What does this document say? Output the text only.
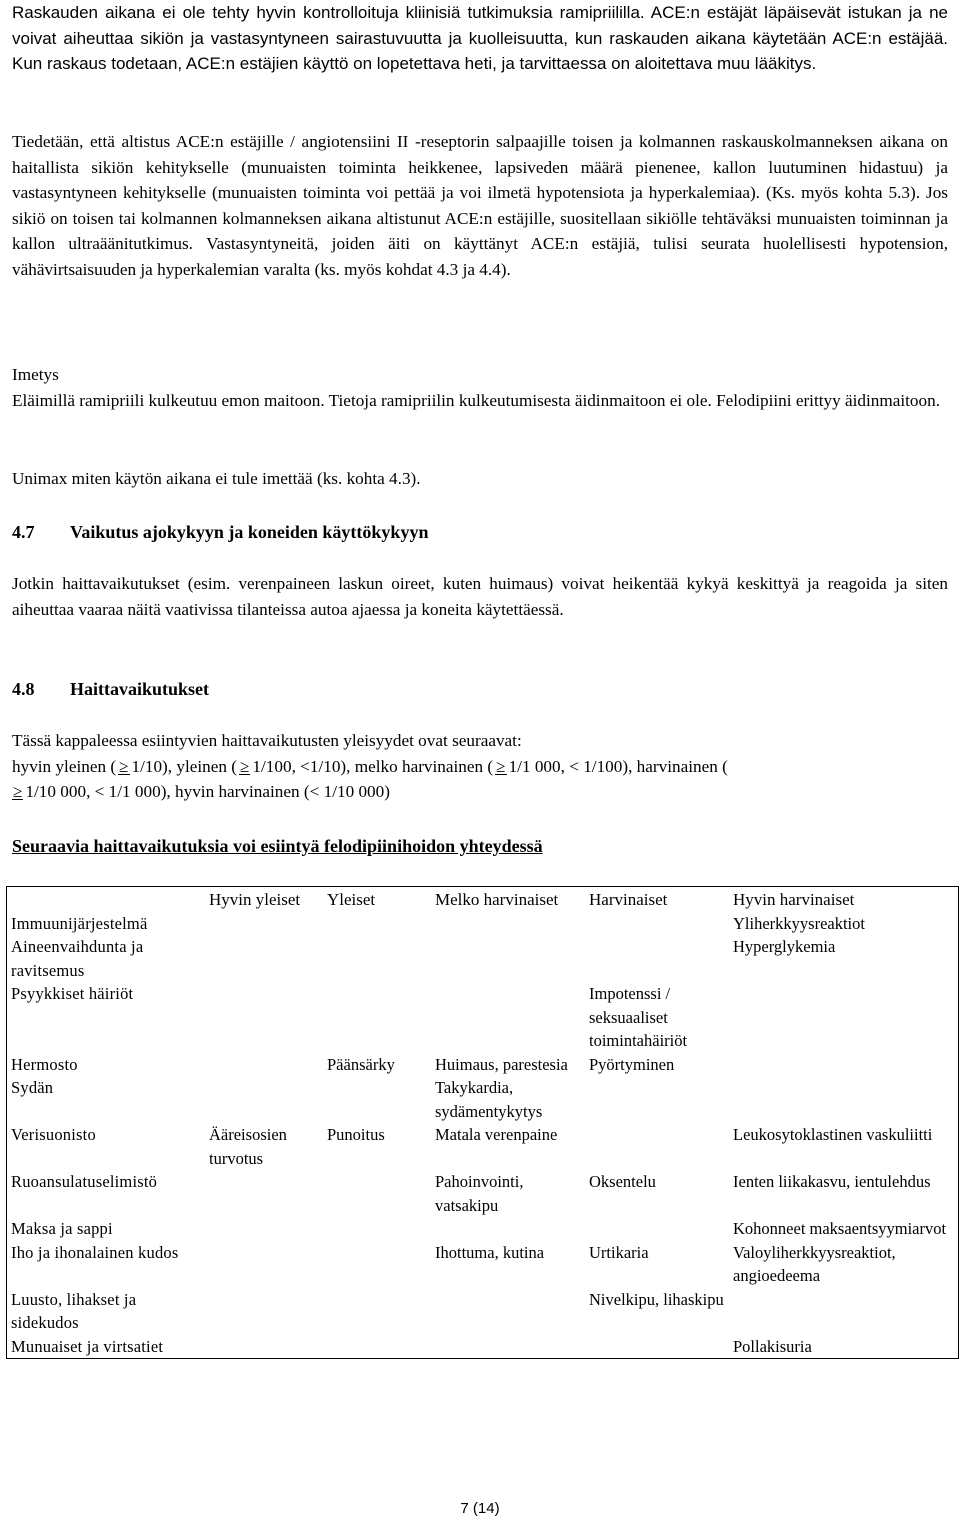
Raskauden aikana ei ole tehty hyvin kontrolloituja kliinisiä tutkimuksia ramipriililla. ACE:n estäjät läpäisevät istukan ja ne voivat aiheuttaa sikiön ja vastasyntyneen sairastuvuutta ja kuolleisuutta, kun raskauden aikana käytetään ACE:n estäjää. Kun raskaus todetaan, ACE:n estäjien käyttö on lopetettava heti, ja tarvittaessa on aloitettava muu lääkitys.

Tiedetään, että altistus ACE:n estäjille / angiotensiini II -reseptorin salpaajille toisen ja kolmannen raskauskolmanneksen aikana on haitallista sikiön kehitykselle (munuaisten toiminta heikkenee, lapsiveden määrä pienenee, kallon luutuminen hidastuu) ja vastasyntyneen kehitykselle (munuaisten toiminta voi pettää ja voi ilmetä hypotensiota ja hyperkalemiaa). (Ks. myös kohta 5.3). Jos sikiö on toisen tai kolmannen kolmanneksen aikana altistunut ACE:n estäjille, suositellaan sikiölle tehtäväksi munuaisten toiminnan ja kallon ultraäänitutkimus. Vastasyntyneitä, joiden äiti on käyttänyt ACE:n estäjiä, tulisi seurata huolellisesti hypotension, vähävirtsaisuuden ja hyperkalemian varalta (ks. myös kohdat 4.3 ja 4.4).

Imetys

Eläimillä ramipriili kulkeutuu emon maitoon. Tietoja ramipriilin kulkeutumisesta äidinmaitoon ei ole. Felodipiini erittyy äidinmaitoon.

Unimax miten käytön aikana ei tule imettää (ks. kohta 4.3).

4.7 Vaikutus ajokykyyn ja koneiden käyttökykyyn

Jotkin haittavaikutukset (esim. verenpaineen laskun oireet, kuten huimaus) voivat heikentää kykyä keskittyä ja reagoida ja siten aiheuttaa vaaraa näitä vaativissa tilanteissa autoa ajaessa ja koneita käytettäessä.

4.8 Haittavaikutukset

Tässä kappaleessa esiintyvien haittavaikutusten yleisyydet ovat seuraavat:

hyvin yleinen ( ≥ 1/10), yleinen ( ≥ 1/100, <1/10), melko harvinainen ( ≥ 1/1 000, < 1/100), harvinainen (
≥ 1/10 000, < 1/1 000), hyvin harvinainen (< 1/10 000)

Seuraavia haittavaikutuksia voi esiintyä felodipiinihoidon yhteydessä

	Hyvin yleiset	Yleiset	Melko harvinaiset	Harvinaiset	Hyvin harvinaiset
Immuunijärjestelmä					Yliherkkyysreaktiot
Aineenvaihdunta ja ravitsemus					Hyperglykemia
Psyykkiset häiriöt				Impotenssi / seksuaaliset toimintahäiriöt	
Hermosto		Päänsärky	Huimaus, parestesia	Pyörtyminen	
Sydän			Takykardia, sydämentykytys		
Verisuonisto	Ääreisosien turvotus	Punoitus	Matala verenpaine		Leukosytoklastinen vaskuliitti
Ruoansulatuselimistö			Pahoinvointi, vatsakipu	Oksentelu	Ienten liikakasvu, ientulehdus
Maksa ja sappi					Kohonneet maksaentsyymiarvot
Iho ja ihonalainen kudos			Ihottuma, kutina	Urtikaria	Valoyliherkkyysreaktiot, angioedeema
Luusto, lihakset ja sidekudos				Nivelkipu, lihaskipu	
Munuaiset ja virtsatiet					Pollakisuria
7 (14)
